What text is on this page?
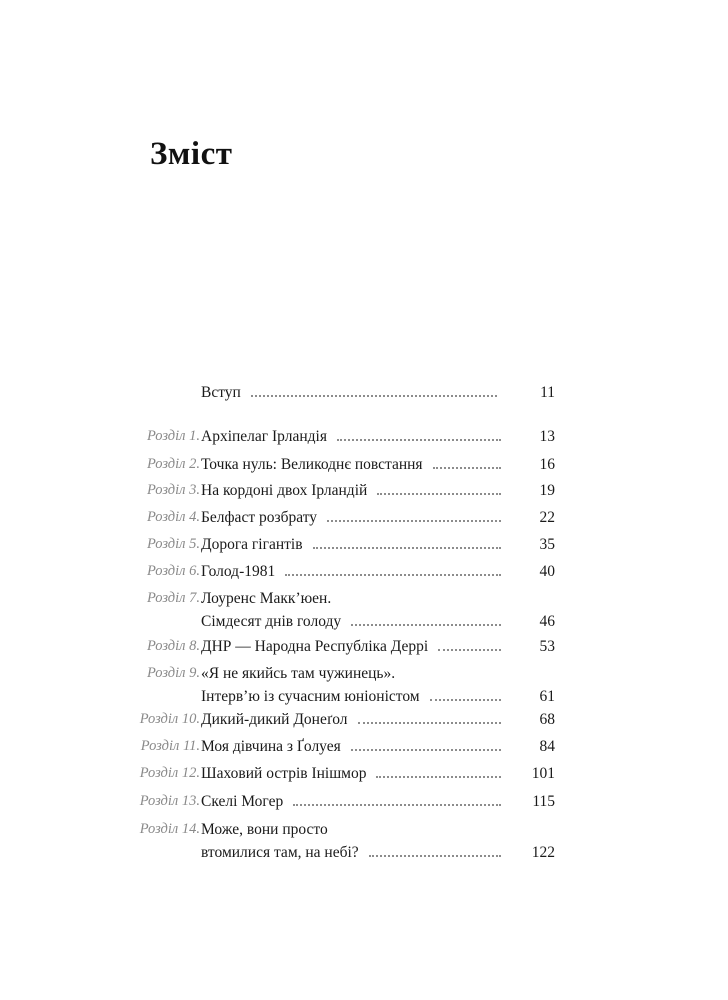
Зміст
Вступ	11
Розділ 1. Архіпелаг Ірландія	13
Розділ 2. Точка нуль: Великоднє повстання	16
Розділ 3. На кордоні двох Ірландій	19
Розділ 4. Белфаст розбрату	22
Розділ 5. Дорога гігантів	35
Розділ 6. Голод-1981	40
Розділ 7. Лоуренс Макк’юен.
Сімдесят днів голоду	46
Розділ 8. ДНР — Народна Республіка Деррі	53
Розділ 9. «Я не якийсь там чужинець».
Інтерв’ю із сучасним юніоністом	61
Розділ 10. Дикий-дикий Донеґол	68
Розділ 11. Моя дівчина з Ґолуея	84
Розділ 12. Шаховий острів Інішмор	101
Розділ 13. Скелі Могер	115
Розділ 14. Може, вони просто
втомилися там, на небі?	122
